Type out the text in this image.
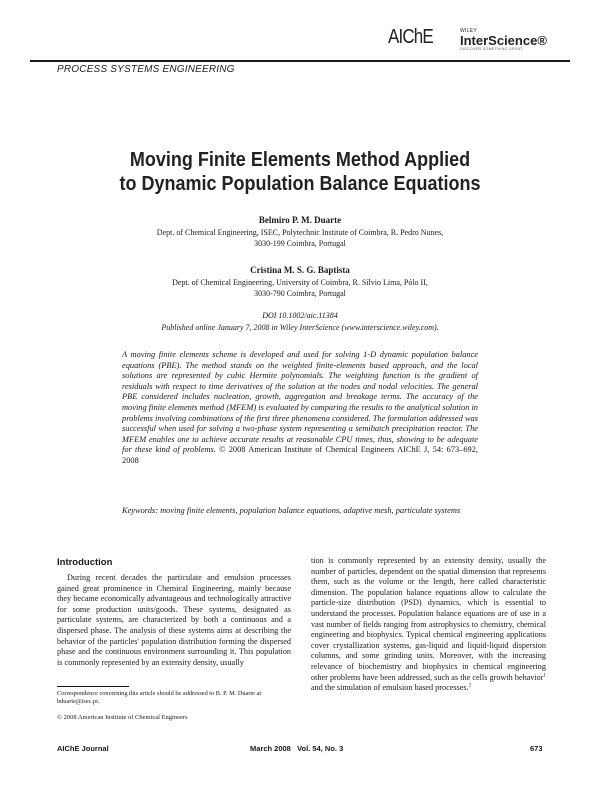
AIChE	WILEY
InterScience®
DISCOVER SOMETHING GREAT
PROCESS SYSTEMS ENGINEERING
Moving Finite Elements Method Applied
to Dynamic Population Balance Equations
Belmiro P. M. Duarte
Dept. of Chemical Engineering, ISEC, Polytechnic Institute of Coimbra, R. Pedro Nunes,
3030-199 Coimbra, Portugal
Cristina M. S. G. Baptista
Dept. of Chemical Engineering, University of Coimbra, R. Sílvio Lima, Pólo II,
3030-790 Coimbra, Portugal
DOI 10.1002/aic.11384
Published online January 7, 2008 in Wiley InterScience (www.interscience.wiley.com).
A moving finite elements scheme is developed and used for solving 1-D dynamic population balance equations (PBE). The method stands on the weighted finite-elements based approach, and the local solutions are represented by cubic Hermite polynomials. The weighting function is the gradient of residuals with respect to time derivatives of the solution at the nodes and nodal velocities. The general PBE considered includes nucleation, growth, aggregation and breakage terms. The accuracy of the moving finite elements method (MFEM) is evaluated by comparing the results to the analytical solution in problems involving combinations of the first three phenomena considered. The formulation addressed was successful when used for solving a two-phase system representing a semibatch precipitation reactor. The MFEM enables one to achieve accurate results at reasonable CPU times, thus, showing to be adequate for these kind of problems. © 2008 American Institute of Chemical Engineers AIChE J, 54: 673–692, 2008
Keywords: moving finite elements, population balance equations, adaptive mesh, particulate systems
Introduction

During recent decades the particulate and emulsion processes gained great prominence in Chemical Engineering, mainly because they became economically advantageous and technologically attractive for some production units/goods. These systems, designated as particulate systems, are characterized by both a continuous and a dispersed phase. The analysis of these systems aims at describing the behavior of the particles' population distribution forming the dispersed phase and the continuous environment surrounding it. This population is commonly represented by an extensity density, usually

tion is commonly represented by an extensity density, usually the number of particles, dependent on the spatial dimension that represents them, such as the volume or the length, here called characteristic dimension. The population balance equations allow to calculate the particle-size distribution (PSD) dynamics, which is essential to understand the processes. Population balance equations are of use in a vast number of fields ranging from astrophysics to chemistry, chemical engineering and biophysics. Typical chemical engineering applications cover crystallization systems, gas-liquid and liquid-liquid dispersion columns, and some grinding units. Moreover, with the increasing relevance of biochemistry and biophysics in chemical engineering other problems have been addressed, such as the cells growth behavior$^1$ and the simulation of emulsion based processes.$^2$

Correspondence concerning this article should be addressed to B. P. M. Duarte at bduarte@isec.pt.
© 2008 American Institute of Chemical Engineers
AIChE Journal	March 2008   Vol. 54, No. 3	673
